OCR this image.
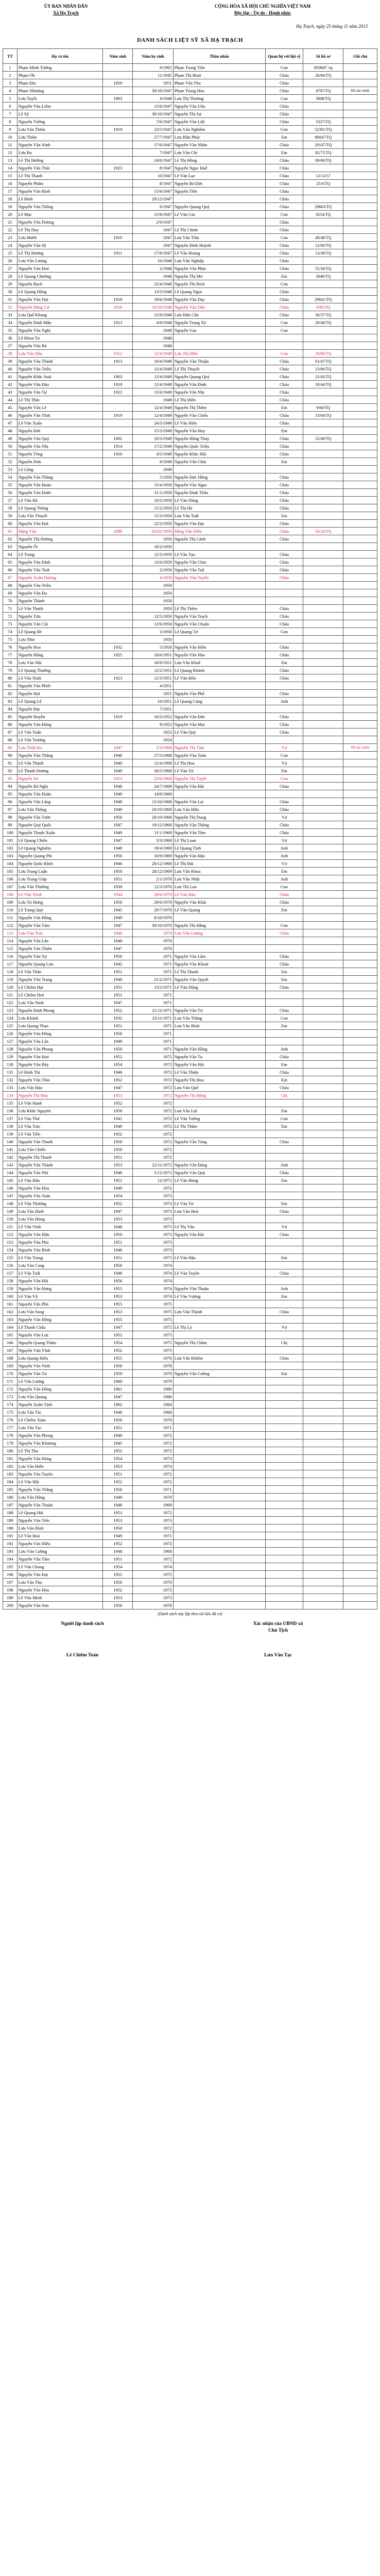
ỦY BAN NHÂN DÂN
Xã Hạ Trạch
CỘNG HÒA XÃ HỘI CHỦ NGHĨA VIỆT NAM
Độc lập - Tự do - Hạnh phúc
Hạ Trạch, ngày 25 tháng 11 năm 2013
DANH SÁCH LIỆT SỸ XÃ HẠ TRẠCH
TT	Họ và tên	Năm sinh	Năm hy sinh	Thân nhân	Quan hệ với liệt sỹ	Số hồ sơ	Ghi chú
1	Phạm Minh Tường		8/1965	Phạm Trọng Tiến	Con	B59847 /tq	
2	Phạm Ơn		11/1945	Phạm Thị Hoài	Cháu	26/84/TQ	
3	Phạm Đỉu	1920	1951	Phạm Văn Thu	Cháu		
4	Phạm Nhượng		30/10/1947	Phạm Trọng Hòa	Cháu	8797/TQ	Đã xác minh
5	Lưu Tuyết	1903	4/1948	Lưu Thị Thương	Con	3008/TQ	
6	Nguyễn Văn Liêm		15/6/1947	Nguyễn Văn Uôn	Cháu		
7	Lê Sỹ		30/10/1947	Nguyễn Thị Sự	Cháu		
8	Nguyễn Tường		7/6/1947	Nguyễn Văn Liệt	Cháu	5327/TQ	
9	Lưu Văn Thiêu	1919	23/5/1947	Lưu Văn Nghiêm	Con	52301/TQ	
10	Lưu Thiện		27/7/1947	Lưu Hữu Phúc	Em	80047/TQ	
11	Nguyễn Văn Ninh		17/6/1947	Nguyễn Văn Nhân	Cháu	29147/TQ	
12	Lưu Ru		7/1947	Lưu Văn Chi	Em	82/75/TQ	
13	Lê Thị Hường		24/6/1947	Lê Thị Hồng	Cháu	09/69/TQ	
14	Nguyễn Văn Thái	1923	8/1947	Nguyễn Ngọc Huế	Cháu		
15	Lê Thị Thanh		10/1947	Lê Văn Lục	Cháu	12/12/57	
16	Nguyễn Phẩm		8/1947	Nguyễn Bá Đức	Cháu	25/4/TQ	
17	Nguyễn Văn Bính		15/6/1947	Nguyễn Tiến	Cháu		
18	Lê Bính		29/12/1947		Cháu		
19	Nguyễn Văn Thông		6/1947	Nguyễn Quang Quý	Cháu	29663/TQ	
20	Lê Mạc		15/8/1947	Lê Văn Cúc	Con	9254/TQ	
21	Nguyễn Văn Dương		2/9/1947		Cháu		
22	Lê Thị Duy		1947	Lê Thị Chinh	Cháu		
23	Lưu Mười	1910	1947	Lưu Văn Thìn	Con	49/48/TQ	
24	Nguyễn Văn Sỹ		1947	Nguyễn Đình Huỳnh	Cháu	12/06/TQ	
25	Lê Thị Hương	1911	17/8/1947	Lê Văn Hoàng	Cháu	13/38/TQ	
26	Lưu Văn Lượng		10/1948	Lưu Văn Nghiệp	Cháu		
27	Nguyễn Văn Hoè		2/1948	Nguyễn Văn Phúc	Cháu	55/34/TQ	
28	Lê Quang Chương		1948	Nguyễn Thị Mơ	Em	3048/TQ	
29	Nguyễn Bạch		22/4/1948	Nguyễn Thị Bích	Con		
30	Lê Quang Đồng		13/3/1948	Lê Quang Ngọc	Cháu		
31	Nguyễn Văn Dụt	1918	19/6/1948	Nguyễn Văn Dục	Cháu	29641/TQ	
32	Nguyễn Đăng Cự	1916	10/10/1948	Nguyễn Văn Dân	Cháu	9/80/TQ	
33	Lưu Quế Khang		15/9/1948	Lưu Hữu Cần	Cháu	56/37/TQ	
34	Nguyễn Đình Mẫn	1913	4/9/1948	Nguyễn Trọng Xá	Con	29/48/TQ	
35	Nguyễn Văn Nghị		1948	Nguyễn Vạn	Con		
36	Lê Khoa Tư		1948				
37	Nguyễn Văn Bá		1948				
38	Lưu Văn Dầu	1912	12/4/1949	Lưu Thị Mến	Con	19/80/TQ	
39	Nguyễn Văn Thành	1913	10/4/1949	Nguyễn Văn Thuận	Cháu	61/47/TQ	
40	Nguyễn Văn Triều		12/4/1949	Lê Thị Thuyết	Cháu	13/66/TQ	
41	Nguyễn Khắc Soái	1903	12/4/1949	Nguyễn Quang Quý	Cháu	21/43/TQ	
42	Nguyễn Văn Đảo	1919	12/4/1949	Nguyễn Văn Đình	Cháu	10/44/TQ	
43	Nguyễn Văn Tự	1921	15/6/1949	Nguyễn Văn Nhị	Cháu		
44	Lê Thị Thìn		1949	Lê Thị Hiền	Cháu		
45	Nguyễn Văn Lê		12/4/1949	Nguyễn Thị Thêm	Em	9/60/TQ	
46	Nguyễn Văn Thức	1919	12/4/1949	Nguyễn Văn Chiểu	Cháu	13/04/TQ	
47	Lê Văn Xuân		24/3/1949	Lê Văn Hiên	Cháu		
48	Nguyễn Đức		15/3/1949	Nguyễn Văn Huy	Em		
49	Nguyễn Văn Quý	1902	10/3/1949	Nguyễn Hồng Thủy	Cháu	52/49/TQ	
50	Nguyễn Văn Nhị	1914	17/2/1949	Nguyễn Quốc Triệu	Cháu		
51	Nguyễn Tòng	1910	4/5/1949	Nguyễn Khắc Hội	Cháu		
52	Nguyễn Dơn		8/1949	Nguyễn Văn Chót	Em		
53	Lê Lộng		1949				
54	Nguyễn Văn Thông		5/1950	Nguyễn Đức Hồng	Cháu		
55	Nguyễn Văn Hoán		15/4/1950	Nguyễn Văn Ngọc	Cháu		
56	Nguyễn Văn Đước		31/1/1950	Nguyễn Đình Thân	Cháu		
57	Lê Văn Hà		10/2/1950	Lê Văn Dũng	Cháu		
58	Lê Quang Thông		15/2/1950	Lê Thị Hà	Cháu		
59	Lưu Văn Thuyết		15/3/1950	Lưu Văn Tuất	Em		
60	Nguyễn Văn Đợi		22/3/1950	Nguyễn Văn Đạt	Cháu		
61	Đặng Văn	1890	05/01/1950	Đặng Văn Diên	Cháu	33/24/TQ	
62	Nguyễn Thị Hường		1950	Nguyễn Thị Cảnh	Cháu		
63	Nguyễn Ốt		18/2/1950				
64	Lê Trọng		12/3/1950	Lê Văn Tạo	Cháu		
65	Nguyễn Văn Đinh		12/6/1950	Nguyễn Văn Chín	Cháu		
66	Nguyễn Văn Tinh		2/1950	Nguyễn Văn Tuệ	Cháu		
67	Nguyễn Xuân Dương		4/1950	Nguyễn Văn Tuyên	Cháu		
68	Nguyễn Văn Triều		1950				
69	Nguyễn Văn Đa		1950				
70	Nguyễn Thành		1950				
71	Lê Văn Thước		1950	Lê Thị Thêm	Cháu		
72	Nguyễn Tửu		12/5/1950	Nguyễn Văn Trạch	Cháu		
73	Nguyễn Văn Cội		12/6/1950	Nguyễn Văn Chuẩn	Cháu		
74	Lê Quang Bé		3/1950	Lê Quang Tứ	Con		
75	Lưu Như		1950				
76	Nguyễn Hoa	1932	5/1950	Nguyễn Văn Hiền	Cháu		
77	Nguyễn Hồng	1925	18/6/1951	Nguyễn Văn Hào	Cháu		
78	Lưu Văn Nhi		16/9/1951	Lưu Văn Khuê	Em		
79	Lê Quang Thường		12/2/1951	Lê Quang Khánh	Cháu		
80	Lê Văn Nuôi	1923	12/3/1951	Lê Văn Đôn	Cháu		
81	Nguyễn Văn Phiêt		4/1951				
82	Nguyễn Hợi		1951	Nguyễn Văn Phố	Cháu		
83	Lê Quang Lệ		10/1951	Lê Quang Cúng	Anh		
84	Nguyễn Đạt		7/1951				
85	Nguyễn Huyền	1919	10/3/1952	Nguyễn Văn Đức	Cháu		
86	Nguyễn Văn Đồng		8/1952	Nguyễn Văn Mai	Cháu		
87	Lê Văn Tuấn		1953	Lê Văn Quý	Cháu		
88	Lê Văn Trương		1954				
89	Lưu Thiết Ka	1947	2/3/1968	Nguyễn Thị Tâm	Vợ		Đã xác minh
90	Nguyễn Văn Thắng	1946	27/3/1968	Nguyễn Văn Toàn	Con		
91	Lê Văn Thành	1940	12/4/1968	Lê Thị Hoa	Vợ		
92	Lê Thanh Dương	1949	30/5/1968	Lê Văn Tư	Em		
93	Nguyễn Sơ	1953	23/6/1968	Nguyễn Thị Tuyết	Con		
94	Nguyễn Bá Nghị	1946	24/7/1968	Nguyễn Văn Hải	Cháu		
95	Nguyễn Văn Huân	1949	14/9/1968				
96	Nguyễn Văn Lăng	1949	12/10/1968	Nguyễn Văn Lai	Cháu		
97	Lưu Văn Thông	1949	20/10/1968	Lưu Văn Hữu	Cháu		
98	Nguyễn Văn Tước	1950	20/10/1968	Nguyễn Thị Dung	Vợ		
99	Nguyễn Quý Quốc	1947	19/12/1968	Nguyễn Văn Thông	Cháu		
100	Nguyễn Thanh Xuân	1949	11/1/1969	Nguyễn Văn Tâm	Cháu		
101	Lê Quang Chiến	1947	3/3/1969	Lê Thị Loan	Vợ		
102	Lê Quang Nghiêm	1948	19/4/1969	Lê Quang Tịnh	Anh		
103	Nguyễn Quang Phi	1950	10/9/1969	Nguyễn Văn Hậu	Anh		
104	Nguyễn Quốc Khởi	1946	20/12/1969	Lê Thị Đài	Vợ		
105	Lưu Trọng Luận	1950	28/12/1969	Lưu Văn Khoa	Em		
106	Lưu Trọng Giáp	1951	2/1/1970	Lưu Văn Nhật	Anh		
107	Lưu Văn Thường	1939	12/3/1970	Lưu Thị Lan	Con		
108	Lê Văn Trình	1944	20/6/1970	Lê Văn Bảo	Cháu		
109	Lưu Trí Hưng	1950	29/6/1970	Nguyễn Văn Khải	Cháu		
110	Lê Trọng Quý	1945	29/7/1970	Lê Văn Quang	Em		
111	Nguyễn Văn Hồng	1949	8/10/1970				
112	Nguyễn Văn Tám	1947	30/10/1970	Nguyễn Thị Hằng	Con		
113	Lưu Văn Trúc	1946	1970	Lưu Văn Lương	Cháu		
114	Nguyễn Văn Lân	1948	1970				
115	Nguyễn Văn Thiên	1947	1970				
116	Nguyễn Văn Tự	1950	1971	Nguyễn Văn Lâm	Cháu		
117	Nguyễn Quang Lưu	1942	1971	Nguyễn Văn Khoát	Cháu		
118	Lê Văn Thân	1951	1971	Lê Thị Thanh	Em		
119	Nguyễn Văn Trọng	1940	21/2/1971	Nguyễn Văn Quyết	Em		
120	Lê Chiêm Hạt	1951	13/3/1971	Lê Văn Dũng	Cháu		
121	Lê Chiêm Hoè	1951	1971				
122	Lưu Văn Ninh	1947	1971				
123	Nguyễn Đình Phong	1952	21/11/1971	Nguyễn Văn Tư	Cháu		
124	Lưu Khánh	1932	23/11/1971	Lưu Văn Thắng	Con		
125	Lưu Quang Thao	1951	1971	Lưu Văn Bình	Em		
126	Nguyễn Văn Đông	1950	1971				
127	Nguyễn Văn Lân	1949	1971				
128	Nguyễn Văn Phong	1950	1971	Nguyễn Văn Hồng	Anh		
129	Nguyễn Văn Hoè	1952	1972	Nguyễn Văn Tụ	Cháu		
130	Nguyễn Văn Bảy	1954	1972	Nguyễn Văn Hội	Em		
131	Lê Đình Thi	1946	1972	Lê Văn Thiện	Cháu		
132	Nguyễn Văn Thìn	1952	1972	Nguyễn Thị Hoa	Em		
133	Lưu Văn Hảo	1947	1972	Lưu Văn Quế	Cháu		
134	Nguyễn Thị Hoa	1953	1972	Nguyễn Thị Hồng	Chị		
135	Lê Văn Hạnh	1952	1972				
136	Lưu Khắc Nguyên	1950	1972	Lưu Văn Lợi	Em		
137	Lê Văn Thư	1941	1972	Lê Văn Tường	Con		
138	Lê Văn Trúc	1949	1972	Lê Thị Thắm	Em		
139	Lê Văn Tiến	1952	1972				
140	Nguyễn Văn Thanh	1950	1972	Nguyễn Văn Tùng	Cháu		
141	Lưu Văn Chiến	1950	1972				
142	Nguyễn Thị Thanh	1951	1972				
143	Nguyễn Văn Thành	1953	22/11/1972	Nguyễn Văn Đảng	Anh		
144	Nguyễn Văn Nhi	1948	5/12/1972	Nguyễn Văn Quý	Cháu		
145	Lê Văn Hân	1951	12/1972	Lê Văn Hùng	Em		
146	Nguyễn Văn Hòa	1949	1972				
147	Nguyễn Văn Toản	1954	1973				
148	Lê Văn Thường	1952	1973	Lê Văn Tư	Em		
149	Lưu Văn Định	1947	1973	Lưu Văn Hoà	Cháu		
150	Lưu Văn Hùng	1953	1973				
151	Lê Văn Vinh	1948	1973	Lê Thị Vân	Vợ		
152	Nguyễn Văn Hữu	1950	1973	Nguyễn Văn Hải	Cháu		
153	Nguyễn Văn Phú	1951	1973				
154	Nguyễn Văn Bính	1946	1973				
155	Lê Văn Trung	1951	1973	Lê Văn Hậu	Em		
156	Lưu Văn Cang	1950	1974				
157	Lê Văn Tuất	1948	1974	Lê Văn Tuyên	Cháu		
158	Nguyễn Văn Hội	1956	1974				
159	Nguyễn Văn Hưng	1955	1974	Nguyễn Văn Thuận	Anh		
160	Lê Văn Vỹ	1953	1974	Lê Văn Vượng	Em		
161	Nguyễn Văn Phú	1955	1975				
162	Lưu Văn Sung	1953	1975	Lưu Văn Thành	Cháu		
163	Nguyễn Văn Đồng	1955	1975				
164	Lê Thanh Châu	1947	1975	Lê Thị Lý	Vợ		
165	Nguyễn Văn Lực	1952	1975				
166	Nguyễn Quang Thâm	1954	1975	Nguyễn Thị Châm	Chị		
167	Nguyễn Văn Vĩnh	1952	1975				
168	Lưu Quang Hiếu	1955	1976	Lưu Văn Khiêm	Cháu		
169	Nguyễn Văn Vinh	1958	1978				
170	Nguyễn Văn Tư	1959	1979	Nguyễn Văn Cường	Em		
171	Lê Văn Lượng	1960	1979				
172	Nguyễn Văn Đông	1961	1980				
173	Lưu Văn Quang	1947	1980				
174	Nguyễn Xuân Tịnh	1962	1984				
175	Lưu Văn Tài	1948	1968				
176	Lê Chiêm Toàn	1950	1970				
177	Lưu Văn Tạc	1951	1971				
178	Nguyễn Văn Phong	1949	1972				
179	Nguyễn Văn Khương	1945	1972				
180	Lê Thị Thu	1952	1972				
181	Nguyễn Văn Hùng	1954	1973				
182	Lưu Văn Hiến	1953	1974				
183	Nguyễn Văn Tuyên	1951	1972				
184	Lê Văn Hội	1952	1972				
185	Nguyễn Văn Thắng	1950	1971				
186	Lưu Văn Dũng	1949	1970				
187	Nguyễn Văn Thuận	1948	1969				
188	Lê Quang Hải	1951	1972				
189	Nguyễn Văn Tiến	1953	1973				
190	Lưu Văn Bình	1950	1972				
191	Lê Văn Hoà	1949	1971				
192	Nguyễn Văn Hiếu	1952	1972				
193	Lưu Văn Cường	1948	1968				
194	Nguyễn Văn Tâm	1951	1972				
195	Lê Văn Chung	1954	1974				
196	Nguyễn Văn Đạt	1955	1975				
197	Lưu Văn Thọ	1950	1970				
198	Nguyễn Văn Hòa	1952	1972				
199	Lê Văn Minh	1953	1973				
200	Nguyễn Văn Sơn	1956	1978				
(Danh sách này lập theo tài liệu đã có)
Người lập danh sách	Xác nhận của UBND xã
Chủ Tịch
Lê Chiêm Toàn	Lưu Văn Tạc
